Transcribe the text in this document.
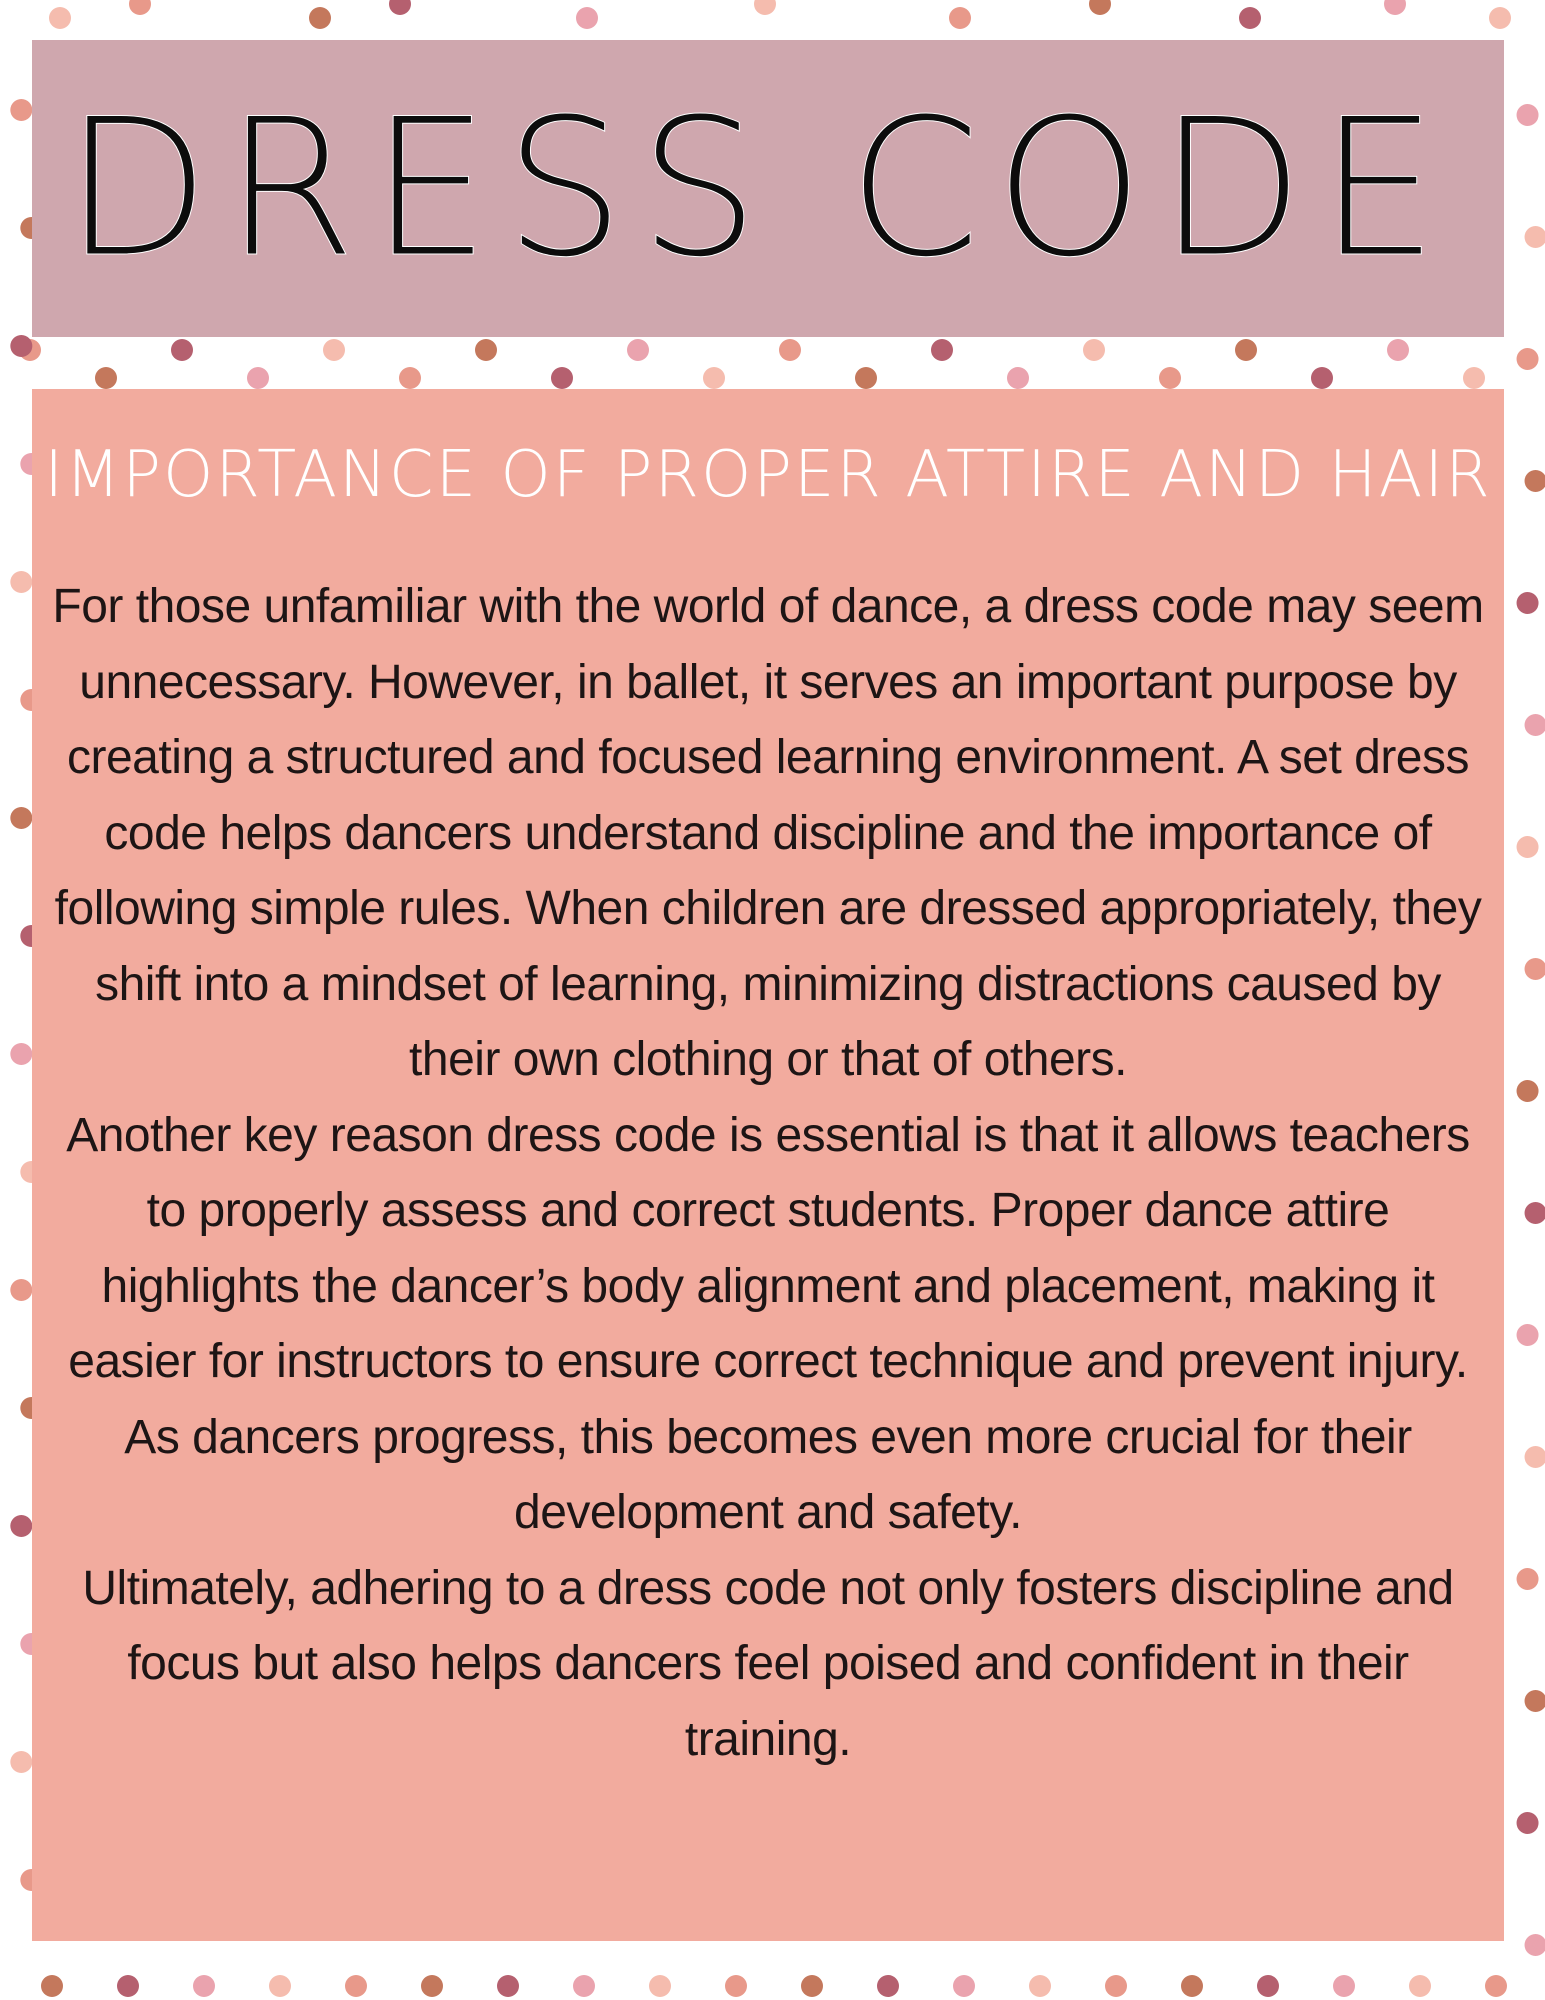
DRESS CODE
IMPORTANCE OF PROPER ATTIRE AND HAIR

For those unfamiliar with the world of dance, a dress code may seem unnecessary. However, in ballet, it serves an important purpose by creating a structured and focused learning environment. A set dress code helps dancers understand discipline and the importance of following simple rules. When children are dressed appropriately, they shift into a mindset of learning, minimizing distractions caused by their own clothing or that of others.

Another key reason dress code is essential is that it allows teachers to properly assess and correct students. Proper dance attire highlights the dancer’s body alignment and placement, making it easier for instructors to ensure correct technique and prevent injury. As dancers progress, this becomes even more crucial for their development and safety.

Ultimately, adhering to a dress code not only fosters discipline and focus but also helps dancers feel poised and confident in their training.
